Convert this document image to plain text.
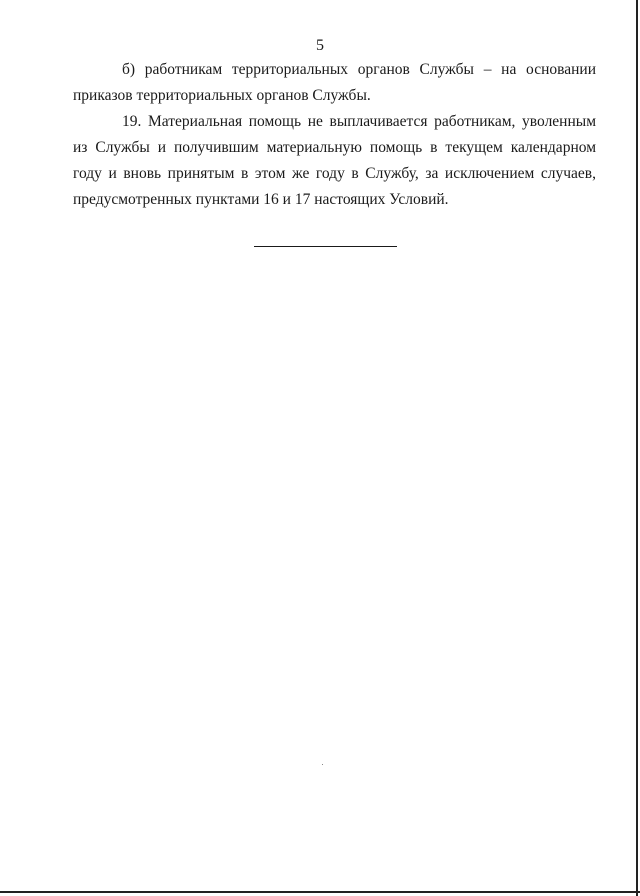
5

б) работникам территориальных органов Службы – на основании приказов территориальных органов Службы.

19. Материальная помощь не выплачивается работникам, уволенным из Службы и получившим материальную помощь в текущем календарном году и вновь принятым в этом же году в Службу, за исключением случаев, предусмотренных пунктами 16 и 17 настоящих Условий.
